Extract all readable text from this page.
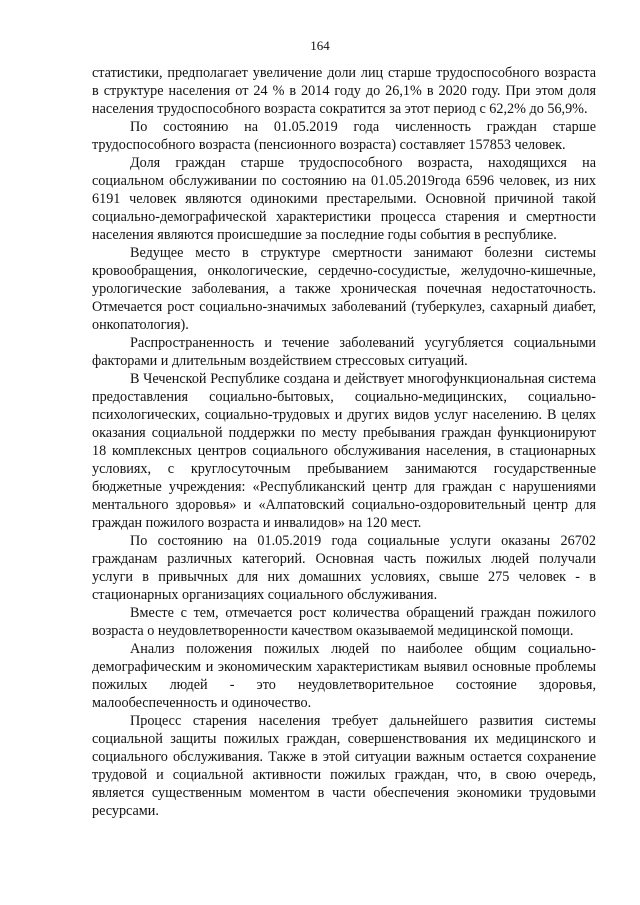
164

статистики, предполагает увеличение доли лиц старше трудоспособного возраста в структуре населения от 24 % в 2014 году до 26,1% в 2020 году. При этом доля населения трудоспособного возраста сократится за этот период с 62,2% до 56,9%.

По состоянию на 01.05.2019 года численность граждан старше трудоспособного возраста (пенсионного возраста) составляет 157853 человек.

Доля граждан старше трудоспособного возраста, находящихся на социальном обслуживании по состоянию на 01.05.2019года 6596 человек, из них 6191 человек являются одинокими престарелыми. Основной причиной такой социально-демографической характеристики процесса старения и смертности населения являются происшедшие за последние годы события в республике.

Ведущее место в структуре смертности занимают болезни системы кровообращения, онкологические, сердечно-сосудистые, желудочно-кишечные, урологические заболевания, а также хроническая почечная недостаточность. Отмечается рост социально-значимых заболеваний (туберкулез, сахарный диабет, онкопатология).

Распространенность и течение заболеваний усугубляется социальными факторами и длительным воздействием стрессовых ситуаций.

В Чеченской Республике создана и действует многофункциональная система предоставления социально-бытовых, социально-медицинских, социально-психологических, социально-трудовых и других видов услуг населению. В целях оказания социальной поддержки по месту пребывания граждан функционируют 18 комплексных центров социального обслуживания населения, в стационарных условиях, с круглосуточным пребыванием занимаются государственные бюджетные учреждения: «Республиканский центр для граждан с нарушениями ментального здоровья» и «Алпатовский социально-оздоровительный центр для граждан пожилого возраста и инвалидов» на 120 мест.

По состоянию на 01.05.2019 года социальные услуги оказаны 26702 гражданам различных категорий. Основная часть пожилых людей получали услуги в привычных для них домашних условиях, свыше 275 человек - в стационарных организациях социального обслуживания.

Вместе с тем, отмечается рост количества обращений граждан пожилого возраста о неудовлетворенности качеством оказываемой медицинской помощи.

Анализ положения пожилых людей по наиболее общим социально-демографическим и экономическим характеристикам выявил основные проблемы пожилых людей - это неудовлетворительное состояние здоровья, малообеспеченность и одиночество.

Процесс старения населения требует дальнейшего развития системы социальной защиты пожилых граждан, совершенствования их медицинского и социального обслуживания. Также в этой ситуации важным остается сохранение трудовой и социальной активности пожилых граждан, что, в свою очередь, является существенным моментом в части обеспечения экономики трудовыми ресурсами.
